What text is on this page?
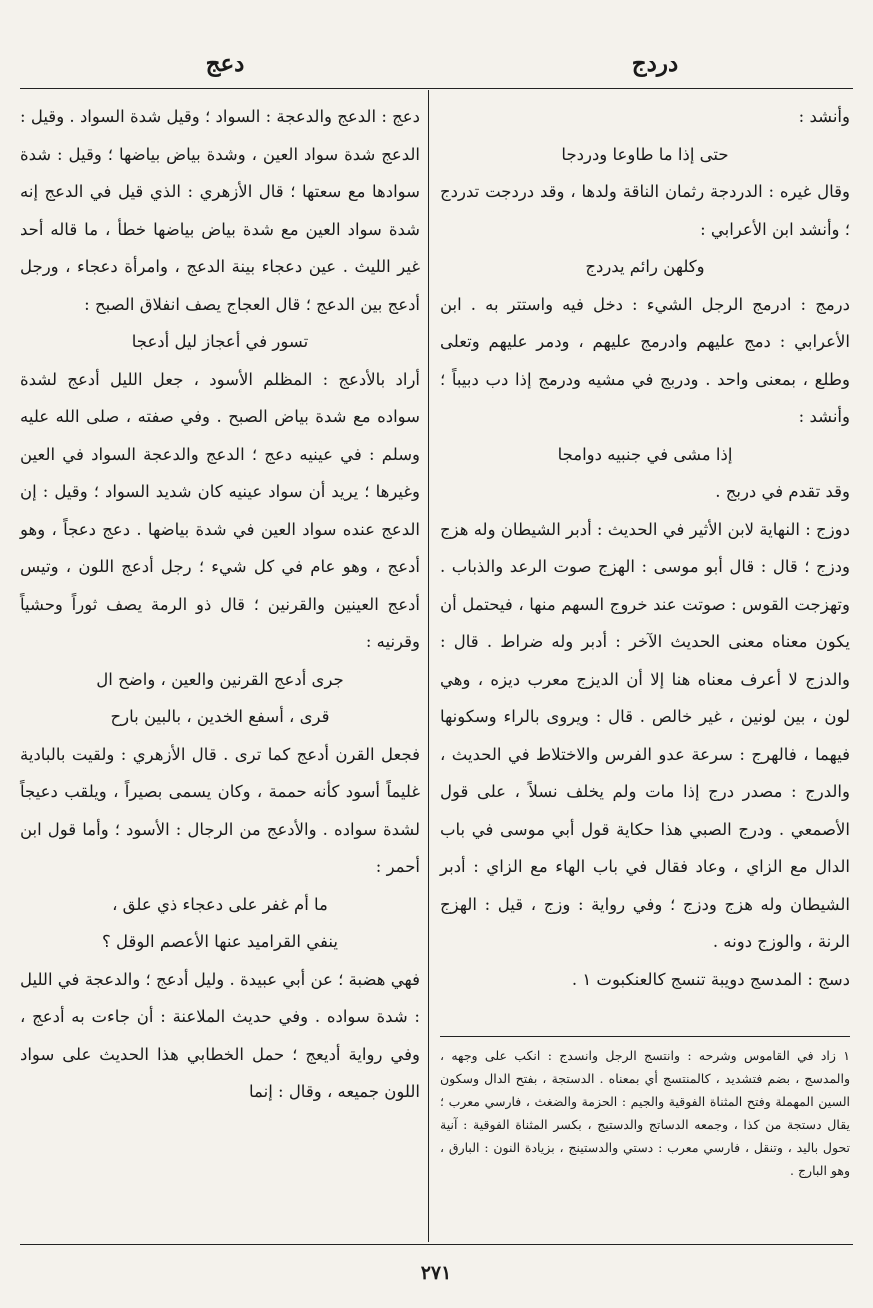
دردج
دعج

وأنشد :

حتى إذا ما طاوعا ودردجا

وقال غيره : الدردجة رثمان الناقة ولدها ، وقد دردجت تدردج ؛ وأنشد ابن الأعرابي :

وكلهن رائم يدردج

درمج : ادرمج الرجل الشيء : دخل فيه واستتر به . ابن الأعرابي : دمج عليهم وادرمج عليهم ، ودمر عليهم وتعلى وطلع ، بمعنى واحد . ودربج في مشيه ودرمج إذا دب دبيباً ؛ وأنشد :

إذا مشى في جنبيه دوامجا

وقد تقدم في دربج .

دوزج : النهاية لابن الأثير في الحديث : أدبر الشيطان وله هزج ودزج ؛ قال : قال أبو موسى : الهزج صوت الرعد والذباب . وتهزجت القوس : صوتت عند خروج السهم منها ، فيحتمل أن يكون معناه معنى الحديث الآخر : أدبر وله ضراط . قال : والدزج لا أعرف معناه هنا إلا أن الديزج معرب ديزه ، وهي لون ، بين لونين ، غير خالص . قال : ويروى بالراء وسكونها فيهما ، فالهرج : سرعة عدو الفرس والاختلاط في الحديث ، والدرج : مصدر درج إذا مات ولم يخلف نسلاً ، على قول الأصمعي . ودرج الصبي هذا حكاية قول أبي موسى في باب الدال مع الزاي ، وعاد فقال في باب الهاء مع الزاي : أدبر الشيطان وله هزج ودزج ؛ وفي رواية : وزج ، قيل : الهزج الرنة ، والوزج دونه .

دسج : المدسج دويبة تنسج كالعنكبوت ١ .

١ زاد في القاموس وشرحه : وانتسج الرجل وانسدج : انكب على وجهه ، والمدسج ، بضم فتشديد ، كالمنتسج أي بمعناه . الدستجة ، بفتح الدال وسكون السين المهملة وفتح المثناة الفوقية والجيم : الحزمة والضغث ، فارسي معرب ؛ يقال دستجة من كذا ، وجمعه الدساتج والدستيج ، بكسر المثناة الفوقية : آنية تحول باليد ، وتنقل ، فارسي معرب : دستي والدستينج ، بزيادة النون : البارق ، وهو البارج .

دعج : الدعج والدعجة : السواد ؛ وقيل شدة السواد . وقيل : الدعج شدة سواد العين ، وشدة بياض بياضها ؛ وقيل : شدة سوادها مع سعتها ؛ قال الأزهري : الذي قيل في الدعج إنه شدة سواد العين مع شدة بياض بياضها خطأ ، ما قاله أحد غير الليث . عين دعجاء بينة الدعج ، وامرأة دعجاء ، ورجل أدعج بين الدعج ؛ قال العجاج يصف انفلاق الصبح :

تسور في أعجاز ليل أدعجا

أراد بالأدعج : المظلم الأسود ، جعل الليل أدعج لشدة سواده مع شدة بياض الصبح . وفي صفته ، صلى الله عليه وسلم : في عينيه دعج ؛ الدعج والدعجة السواد في العين وغيرها ؛ يريد أن سواد عينيه كان شديد السواد ؛ وقيل : إن الدعج عنده سواد العين في شدة بياضها . دعج دعجاً ، وهو أدعج ، وهو عام في كل شيء ؛ رجل أدعج اللون ، وتيس أدعج العينين والقرنين ؛ قال ذو الرمة يصف ثوراً وحشياً وقرنيه :

جرى أدعج القرنين والعين ، واضح ال

قرى ، أسفع الخدين ، بالبين بارح

فجعل القرن أدعج كما ترى . قال الأزهري : ولقيت بالبادية غليماً أسود كأنه حممة ، وكان يسمى بصيراً ، ويلقب دعيجاً لشدة سواده . والأدعج من الرجال : الأسود ؛ وأما قول ابن أحمر :

ما أم غفر على دعجاء ذي علق ،

ينفي القراميد عنها الأعصم الوقل ؟

فهي هضبة ؛ عن أبي عبيدة . وليل أدعج ؛ والدعجة في الليل : شدة سواده . وفي حديث الملاعنة : أن جاءت به أدعج ، وفي رواية أديعج ؛ حمل الخطابي هذا الحديث على سواد اللون جميعه ، وقال : إنما

٢٧١
